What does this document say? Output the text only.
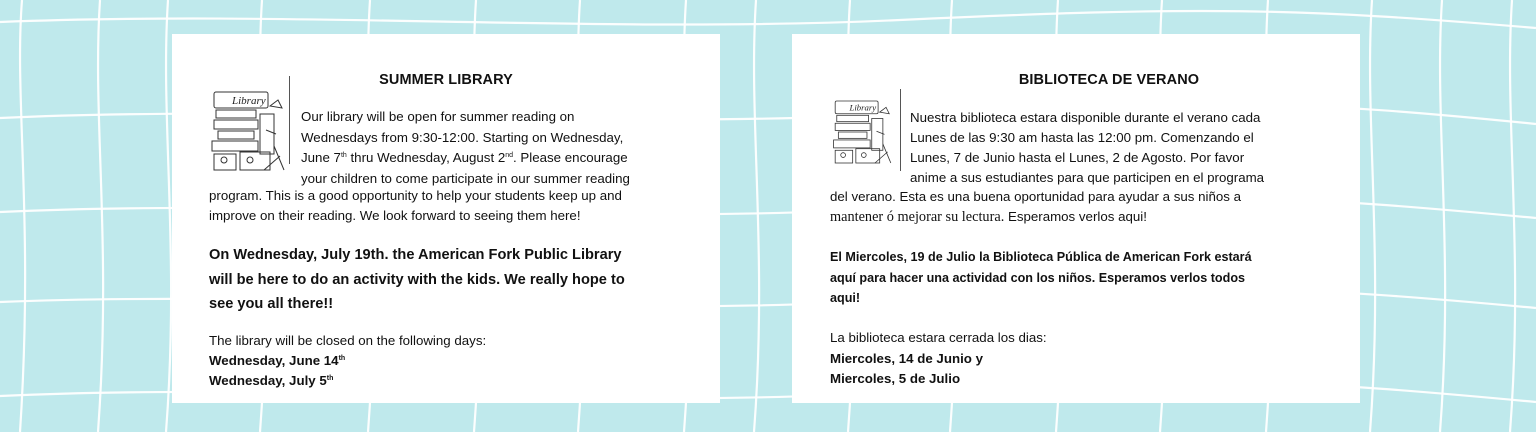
SUMMER LIBRARY
Library
Our library will be open for summer reading on
Wednesdays from 9:30-12:00. Starting on Wednesday,
June 7th thru Wednesday, August 2nd. Please encourage
your children to come participate in our summer reading
program. This is a good opportunity to help your students keep up and
improve on their reading. We look forward to seeing them here!
On Wednesday, July 19th. the American Fork Public Library
will be here to do an activity with the kids. We really hope to
see you all there!!
The library will be closed on the following days:
Wednesday, June 14th
Wednesday, July 5th
BIBLIOTECA DE VERANO
Library
Nuestra biblioteca estara disponible durante el verano cada
Lunes de las 9:30 am hasta las 12:00 pm. Comenzando el
Lunes, 7 de Junio hasta el Lunes, 2 de Agosto. Por favor
anime a sus estudiantes para que participen en el programa
del verano. Esta es una buena oportunidad para ayudar a sus niños a
mantener ó mejorar su lectura. Esperamos verlos aqui!
El Miercoles, 19 de Julio la Biblioteca Pública de American Fork estará
aquí para hacer una actividad con los niños. Esperamos verlos todos
aqui!
La biblioteca estara cerrada los dias:
Miercoles, 14 de Junio y
Miercoles, 5 de Julio
